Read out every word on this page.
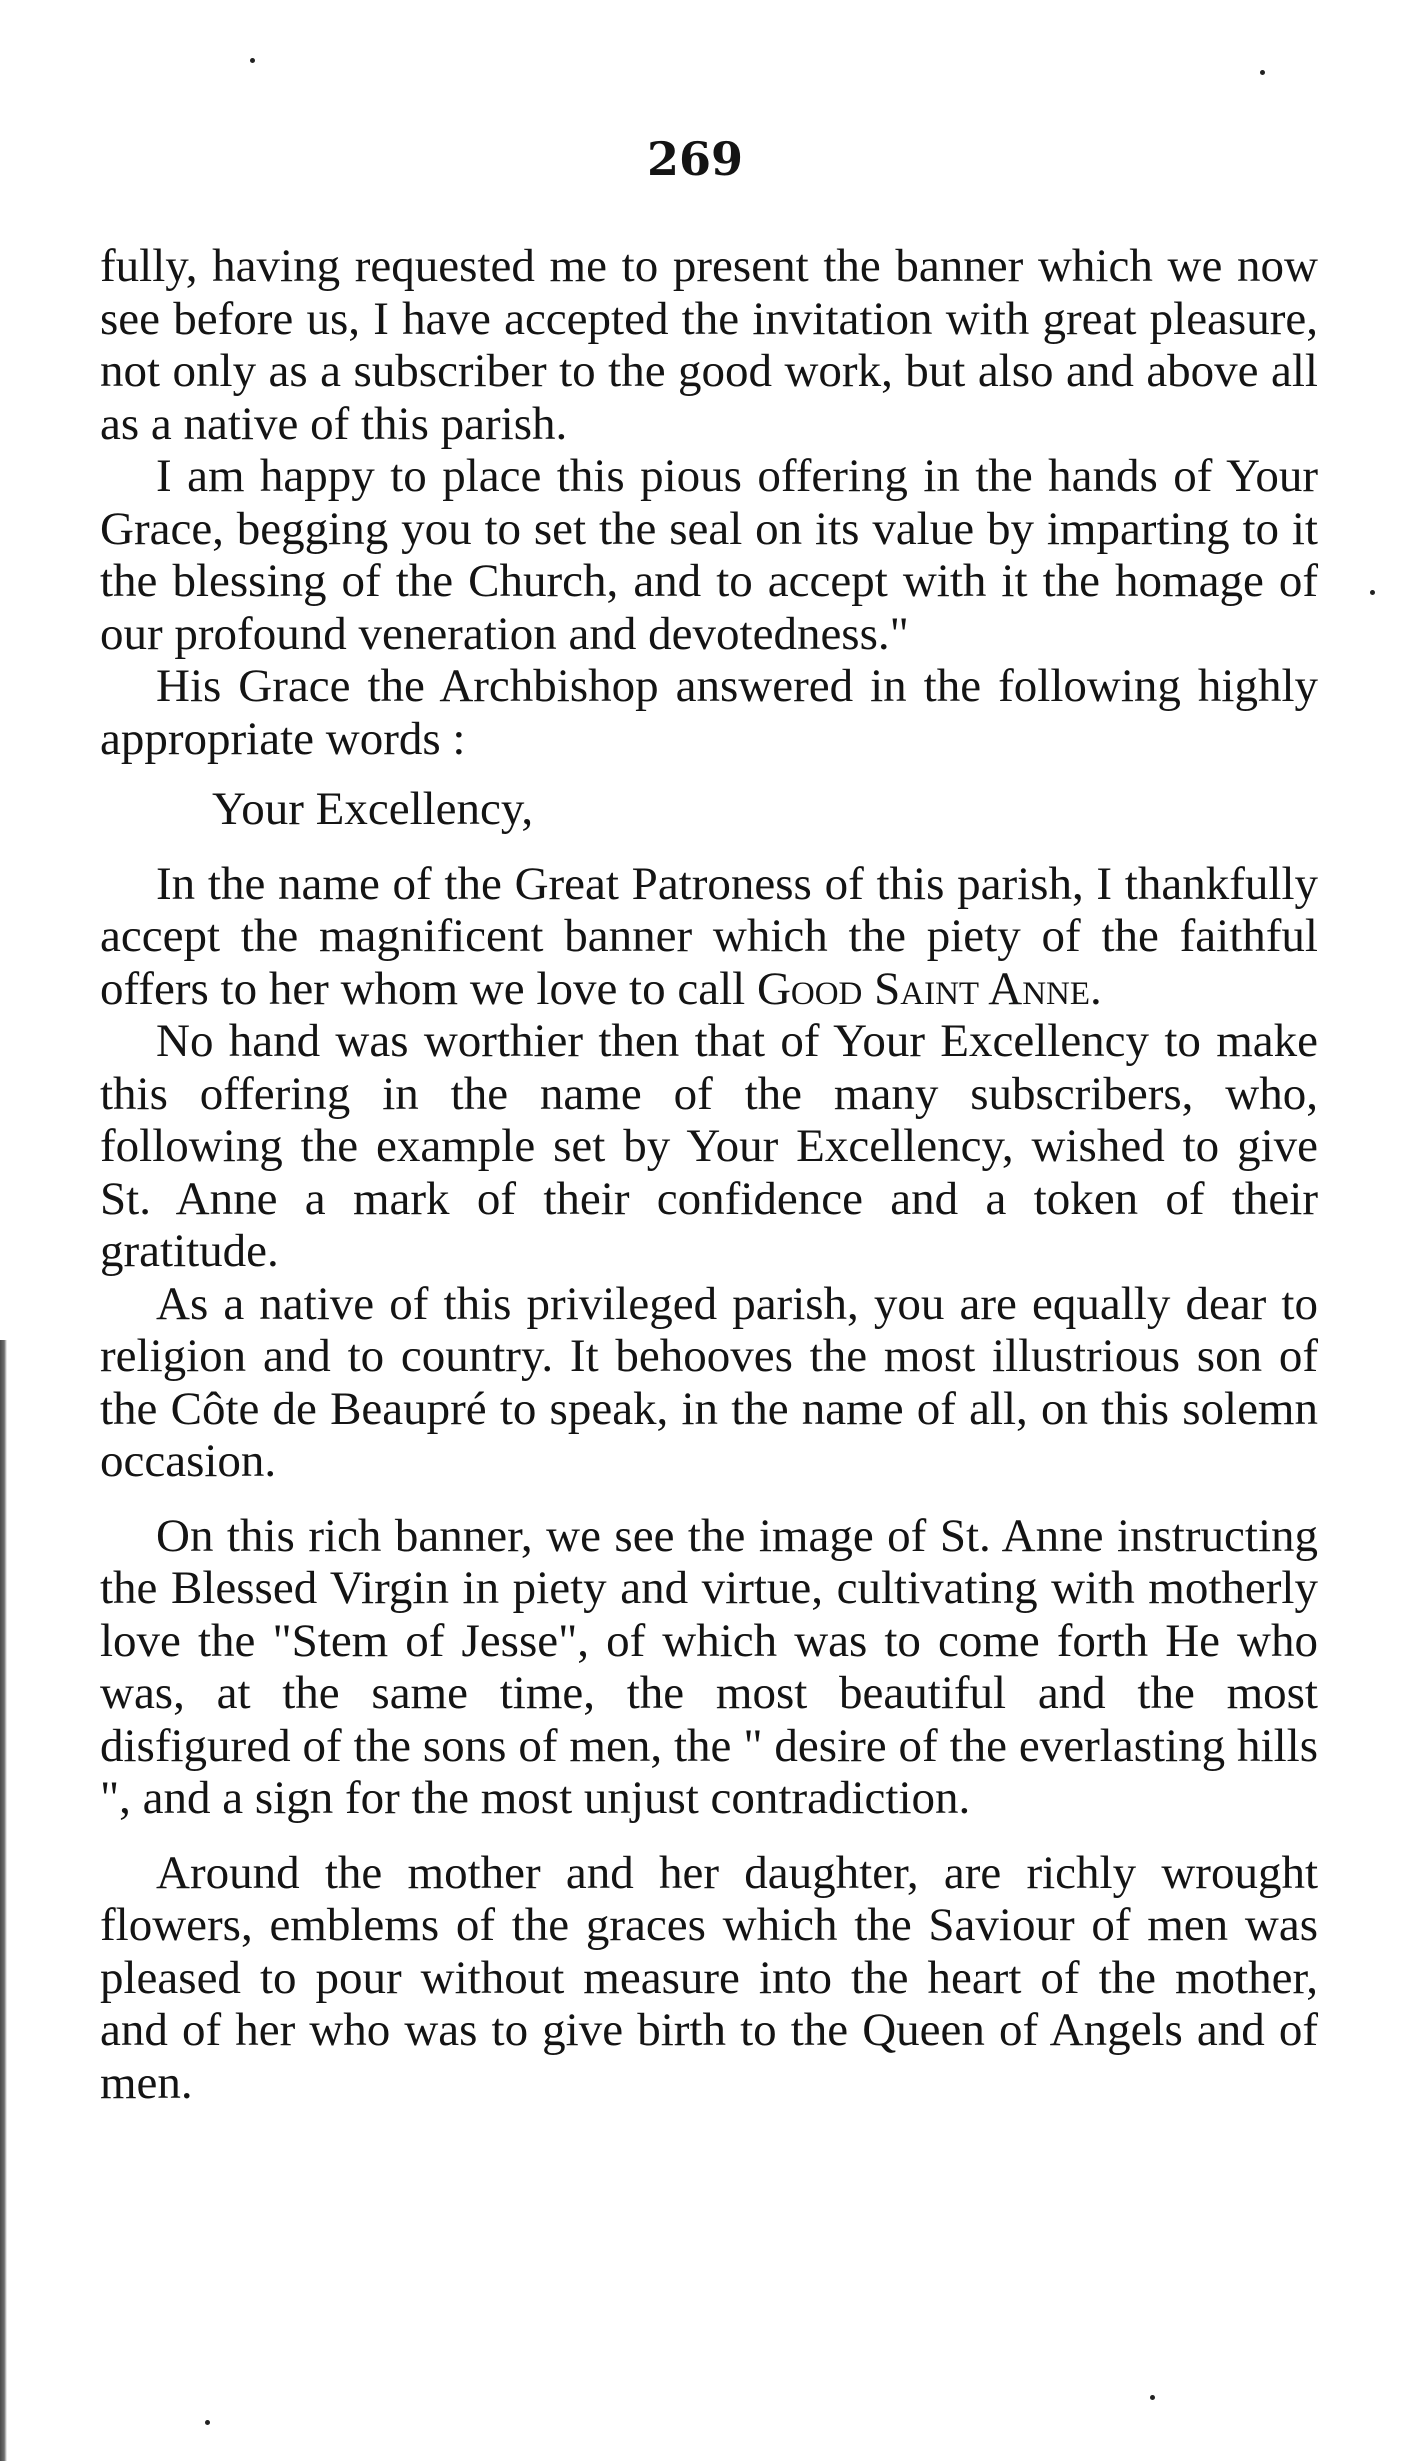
269

fully, having requested me to present the banner which we now see before us, I have accepted the invitation with great pleasure, not only as a subscriber to the good work, but also and above all as a native of this parish.

I am happy to place this pious offering in the hands of Your Grace, begging you to set the seal on its value by imparting to it the blessing of the Church, and to accept with it the homage of our profound veneration and devotedness."

His Grace the Archbishop answered in the following highly appropriate words :

Your Excellency,

In the name of the Great Patroness of this parish, I thankfully accept the magnificent banner which the piety of the faithful offers to her whom we love to call Good Saint Anne.

No hand was worthier then that of Your Excellency to make this offering in the name of the many subscribers, who, following the example set by Your Excellency, wished to give St. Anne a mark of their confidence and a token of their gratitude.

As a native of this privileged parish, you are equally dear to religion and to country. It behooves the most illustrious son of the Côte de Beaupré to speak, in the name of all, on this solemn occasion.

On this rich banner, we see the image of St. Anne instructing the Blessed Virgin in piety and virtue, cultivating with motherly love the "Stem of Jesse", of which was to come forth He who was, at the same time, the most beautiful and the most disfigured of the sons of men, the " desire of the everlasting hills ", and a sign for the most unjust contradiction.

Around the mother and her daughter, are richly wrought flowers, emblems of the graces which the Saviour of men was pleased to pour without measure into the heart of the mother, and of her who was to give birth to the Queen of Angels and of men.
